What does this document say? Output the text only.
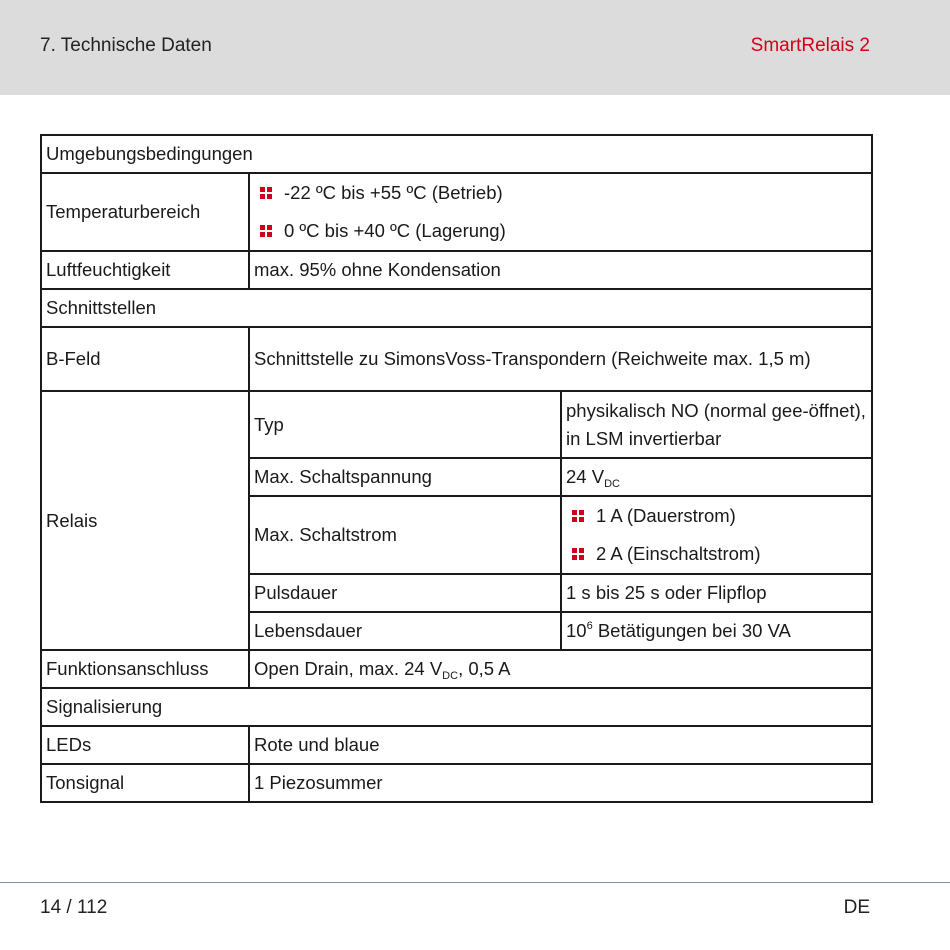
7. Technische Daten	SmartRelais 2
Umgebungsbedingungen		
Temperaturbereich	-22 ºC bis +55 ºC (Betrieb)
0 ºC bis +40 ºC (Lagerung)	

Luftfeuchtigkeit	max. 95% ohne Kondensation	
Schnittstellen		
B-Feld	Schnittstelle zu SimonsVoss-Transpondern (Reichweite max. 1,5 m)	
Relais	Typ	physikalisch NO (normal gee-öffnet), in LSM invertierbar
	Max. Schaltspannung	24 $V_{DC}$
	Max. Schaltstrom	1 A (Dauerstrom)
2 A (Einschaltstrom)

	Pulsdauer	1 s bis 25 s oder Flipflop
	Lebensdauer	$10^6$ Betätigungen bei 30 VA
Funktionsanschluss	Open Drain, max. 24 $V_{DC}$, 0,5 A	
Signalisierung		
LEDs	Rote und blaue	
Tonsignal	1 Piezosummer	
14 / 112	DE
